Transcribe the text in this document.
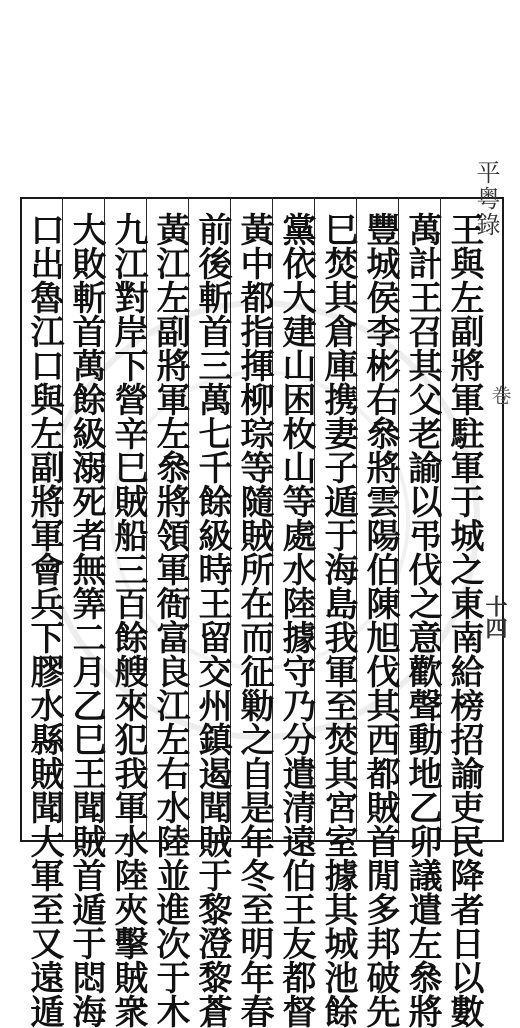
平粤錄
卷
十四
王與左副將軍駐軍于城之東南給榜招諭吏民降者日以數
萬計王召其父老諭以弔伐之意歡聲動地乙卯議遣左叅將
豐城侯李彬右叅將雲陽伯陳旭伐其西都賊首閒多邦破先
巳焚其倉庫携妻子遁于海島我軍至焚其宮室據其城池餘
黨依大建山困枚山等處水陸據守乃分遣清遠伯王友都督
黃中都指揮柳琮等隨賊所在而征勦之自是年冬至明年春
前後斬首三萬七千餘級時王留交州鎮遏聞賊于黎澄黎蒼
黃江左副將軍左叅將領軍衙富良江左右水陸並進次于木
九江對岸下營辛巳賊船三百餘艘來犯我軍水陸夾擊賊衆
大敗斬首萬餘級溺死者無筭二月乙巳王聞賊首遁于悶海
口出魯江口與左副將軍會兵下膠水縣賊聞大軍至又遠遁
